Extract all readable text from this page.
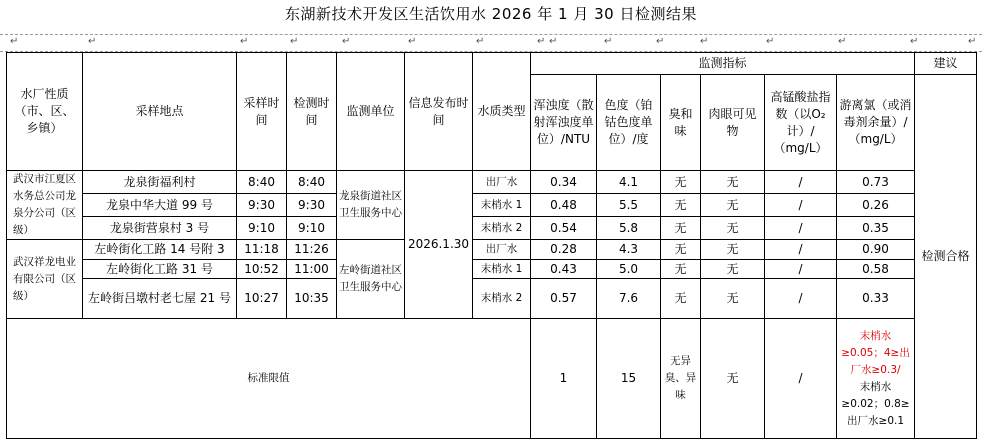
东湖新技术开发区生活饮用水 2026 年 1 月 30 日检测结果
↵	↵	↵	↵	↵	↵	↵	↵ ↵	↵	↵	↵	↵	↵	↵	↵
水厂性质（市、区、乡镇）	采样地点	采样时间	检测时间	监测单位	信息发布时间	水质类型	监测指标						建议	
							浑浊度（散射浑浊度单位）/NTU	色度（铂钴色度单位）/度	臭和味	肉眼可见物	高锰酸盐指数（以O₂计）/（mg/L）	游离氯（或消毒剂余量）/（mg/L）	检测合格	
武汉市江夏区水务总公司龙泉分公司（区级）	龙泉街福利村	8:40	8:40	龙泉街道社区卫生服务中心	2026.1.30	出厂水	0.34	4.1	无	无	/	0.73		
	龙泉中华大道 99 号	9:30	9:30			末梢水 1	0.48	5.5	无	无	/	0.26		
	龙泉街营泉村 3 号	9:10	9:10			末梢水 2	0.54	5.8	无	无	/	0.35		
武汉祥龙电业有限公司（区级）	左岭街化工路 14 号附 3	11:18	11:26	左岭街道社区卫生服务中心		出厂水	0.28	4.3	无	无	/	0.90		
	左岭街化工路 31 号	10:52	11:00			末梢水 1	0.43	5.0	无	无	/	0.58		
	左岭街吕墩村老七屋 21 号	10:27	10:35			末梢水 2	0.57	7.6	无	无	/	0.33		
标准限值							1	15	无异臭、异味	无	/	末梢水≥0.05；4≥出厂水≥0.3/
末梢水≥0.02；0.8≥出厂水≥0.1		
